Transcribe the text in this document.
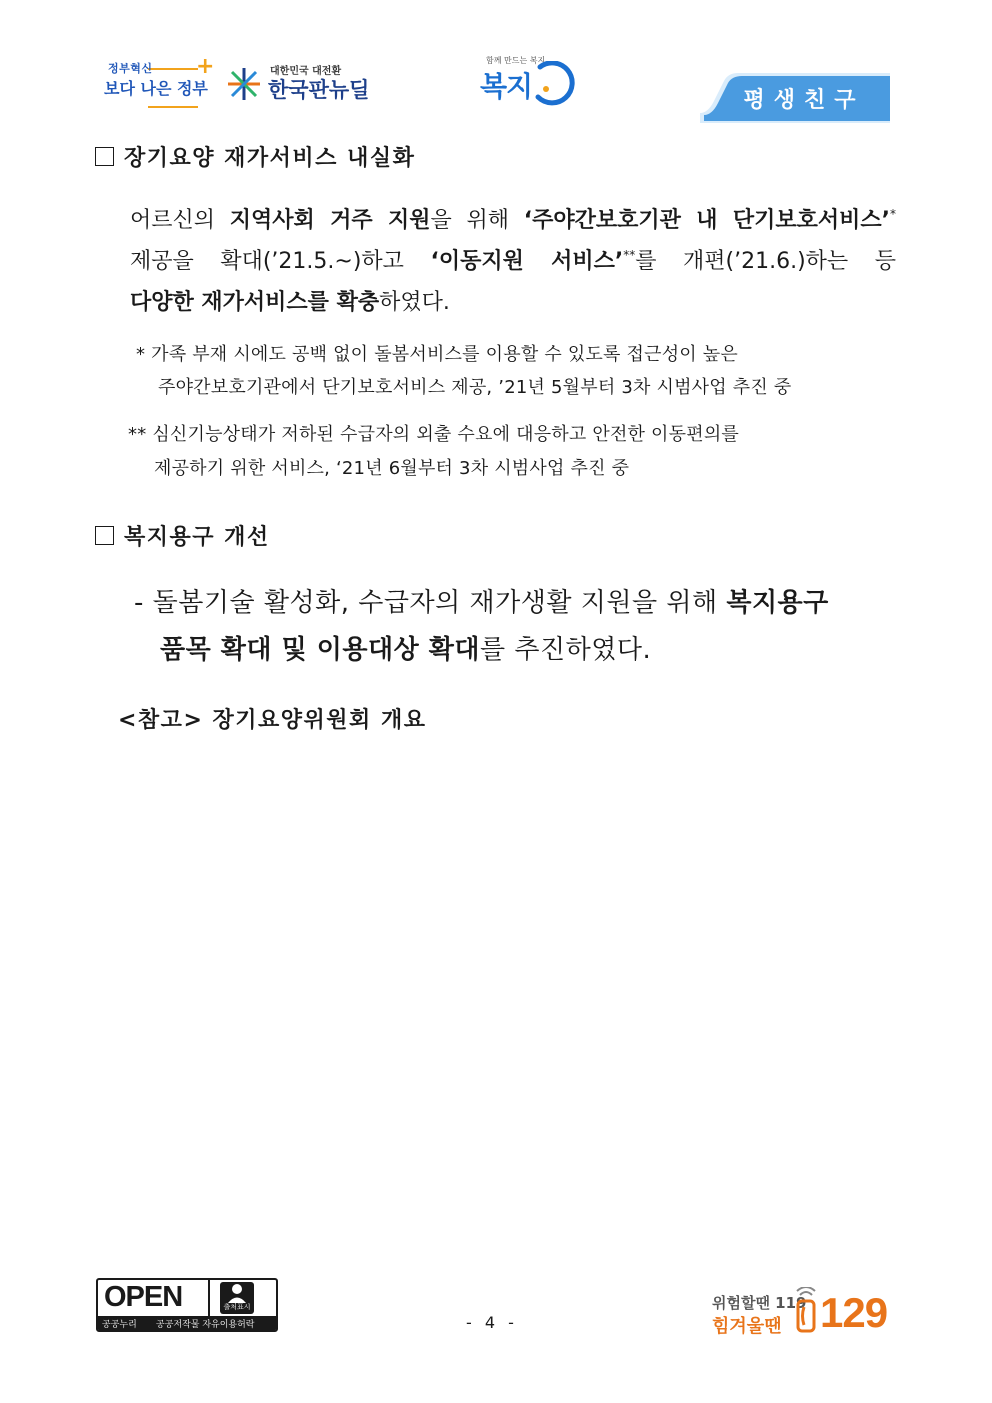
+
정부혁신
보다 나은 정부
대한민국 대전환
한국판뉴딜
함께 만드는 복지
복지	평생친구
장기요양 재가서비스 내실화
어르신의 지역사회 거주 지원을 위해 ‘주야간보호기관 내 단기보호서비스’*
제공을 확대(’21.5.~)하고 ‘이동지원 서비스’**를 개편(’21.6.)하는 등
다양한 재가서비스를 확충하였다.
* 가족 부재 시에도 공백 없이 돌봄서비스를 이용할 수 있도록 접근성이 높은
주야간보호기관에서 단기보호서비스 제공, ’21년 5월부터 3차 시범사업 추진 중
** 심신기능상태가 저하된 수급자의 외출 수요에 대응하고 안전한 이동편의를
제공하기 위한 서비스, ‘21년 6월부터 3차 시범사업 추진 중
복지용구 개선
- 돌봄기술 활성화, 수급자의 재가생활 지원을 위해 복지용구
품목 확대 및 이용대상 확대를 추진하였다.
<참고> 장기요양위원회 개요
OPEN	출처표시
공공누리 공공저작물 자유이용허락	- 4 -
위험할땐 119
힘겨울땐 129
